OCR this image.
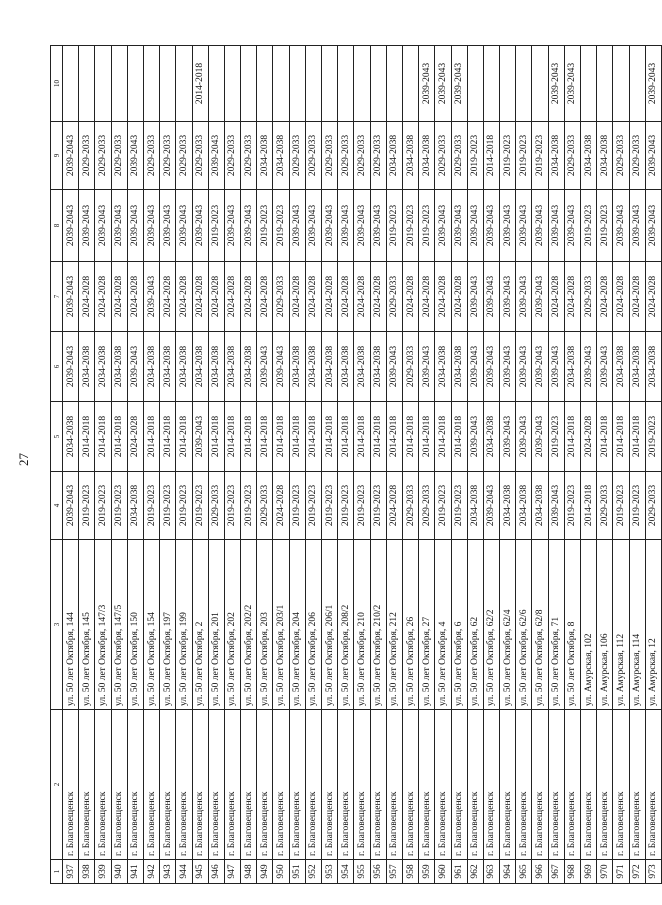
27
1	2	3	4	5	6	7	8	9	10
937	г. Благовещенск	ул. 50 лет Октября, 144	2039-2043	2034-2038	2039-2043	2039-2043	2039-2043	2039-2043	
938	г. Благовещенск	ул. 50 лет Октября, 145	2019-2023	2014-2018	2034-2038	2024-2028	2039-2043	2029-2033	
939	г. Благовещенск	ул. 50 лет Октября, 147/3	2019-2023	2014-2018	2034-2038	2024-2028	2039-2043	2029-2033	
940	г. Благовещенск	ул. 50 лет Октября, 147/5	2019-2023	2014-2018	2034-2038	2024-2028	2039-2043	2029-2033	
941	г. Благовещенск	ул. 50 лет Октября, 150	2034-2038	2024-2028	2039-2043	2024-2028	2039-2043	2039-2043	
942	г. Благовещенск	ул. 50 лет Октября, 154	2019-2023	2014-2018	2034-2038	2039-2043	2039-2043	2029-2033	
943	г. Благовещенск	ул. 50 лет Октября, 197	2019-2023	2014-2018	2034-2038	2024-2028	2039-2043	2029-2033	
944	г. Благовещенск	ул. 50 лет Октября, 199	2019-2023	2014-2018	2034-2038	2024-2028	2039-2043	2029-2033	
945	г. Благовещенск	ул. 50 лет Октября, 2	2019-2023	2039-2043	2034-2038	2024-2028	2039-2043	2029-2033	2014-2018
946	г. Благовещенск	ул. 50 лет Октября, 201	2029-2033	2014-2018	2034-2038	2024-2028	2019-2023	2039-2043	
947	г. Благовещенск	ул. 50 лет Октября, 202	2019-2023	2014-2018	2034-2038	2024-2028	2039-2043	2029-2033	
948	г. Благовещенск	ул. 50 лет Октября, 202/2	2019-2023	2014-2018	2034-2038	2024-2028	2039-2043	2029-2033	
949	г. Благовещенск	ул. 50 лет Октября, 203	2029-2033	2014-2018	2039-2043	2024-2028	2019-2023	2034-2038	
950	г. Благовещенск	ул. 50 лет Октября, 203/1	2024-2028	2014-2018	2039-2043	2029-2033	2019-2023	2034-2038	
951	г. Благовещенск	ул. 50 лет Октября, 204	2019-2023	2014-2018	2034-2038	2024-2028	2039-2043	2029-2033	
952	г. Благовещенск	ул. 50 лет Октября, 206	2019-2023	2014-2018	2034-2038	2024-2028	2039-2043	2029-2033	
953	г. Благовещенск	ул. 50 лет Октября, 206/1	2019-2023	2014-2018	2034-2038	2024-2028	2039-2043	2029-2033	
954	г. Благовещенск	ул. 50 лет Октября, 208/2	2019-2023	2014-2018	2034-2038	2024-2028	2039-2043	2029-2033	
955	г. Благовещенск	ул. 50 лет Октября, 210	2019-2023	2014-2018	2034-2038	2024-2028	2039-2043	2029-2033	
956	г. Благовещенск	ул. 50 лет Октября, 210/2	2019-2023	2014-2018	2034-2038	2024-2028	2039-2043	2029-2033	
957	г. Благовещенск	ул. 50 лет Октября, 212	2024-2028	2014-2018	2039-2043	2029-2033	2019-2023	2034-2038	
958	г. Благовещенск	ул. 50 лет Октября, 26	2029-2033	2014-2018	2029-2033	2024-2028	2019-2023	2034-2038	
959	г. Благовещенск	ул. 50 лет Октября, 27	2029-2033	2014-2018	2039-2043	2024-2028	2019-2023	2034-2038	2039-2043
960	г. Благовещенск	ул. 50 лет Октября, 4	2019-2023	2014-2018	2034-2038	2024-2028	2039-2043	2029-2033	2039-2043
961	г. Благовещенск	ул. 50 лет Октября, 6	2019-2023	2014-2018	2034-2038	2024-2028	2039-2043	2029-2033	2039-2043
962	г. Благовещенск	ул. 50 лет Октября, 62	2034-2038	2039-2043	2039-2043	2039-2043	2039-2043	2019-2023	
963	г. Благовещенск	ул. 50 лет Октября, 62/2	2039-2043	2034-2038	2039-2043	2039-2043	2039-2043	2014-2018	
964	г. Благовещенск	ул. 50 лет Октября, 62/4	2034-2038	2039-2043	2039-2043	2039-2043	2039-2043	2019-2023	
965	г. Благовещенск	ул. 50 лет Октября, 62/6	2034-2038	2039-2043	2039-2043	2039-2043	2039-2043	2019-2023	
966	г. Благовещенск	ул. 50 лет Октября, 62/8	2034-2038	2039-2043	2039-2043	2039-2043	2039-2043	2019-2023	
967	г. Благовещенск	ул. 50 лет Октября, 71	2039-2043	2019-2023	2039-2043	2024-2028	2039-2043	2034-2038	2039-2043
968	г. Благовещенск	ул. 50 лет Октября, 8	2019-2023	2014-2018	2034-2038	2024-2028	2039-2043	2029-2033	2039-2043
969	г. Благовещенск	ул. Амурская, 102	2014-2018	2024-2028	2039-2043	2029-2033	2019-2023	2034-2038	
970	г. Благовещенск	ул. Амурская, 106	2029-2033	2014-2018	2039-2043	2024-2028	2019-2023	2034-2038	
971	г. Благовещенск	ул. Амурская, 112	2019-2023	2014-2018	2034-2038	2024-2028	2039-2043	2029-2033	
972	г. Благовещенск	ул. Амурская, 114	2019-2023	2014-2018	2034-2038	2024-2028	2039-2043	2029-2033	
973	г. Благовещенск	ул. Амурская, 12	2029-2033	2019-2023	2034-2038	2024-2028	2039-2043	2039-2043	2039-2043
